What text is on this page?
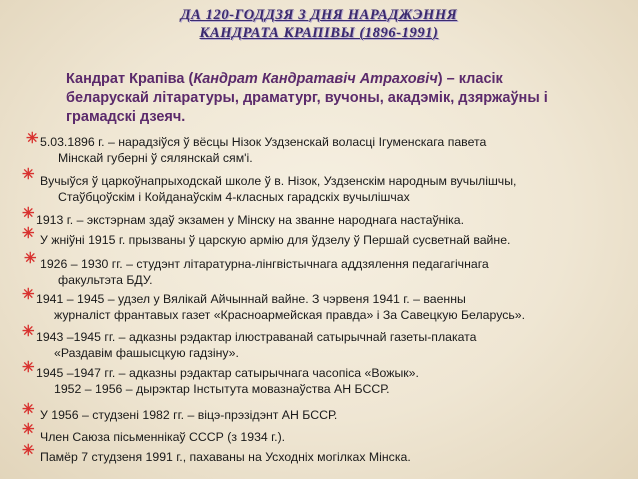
ДА 120-ГОДДЗЯ З ДНЯ НАРАДЖЭННЯ
КАНДРАТА КРАПІВЫ (1896-1991)
Кандрат Крапіва (Кандрат Кандратавіч Атраховіч) – класік беларускай літаратуры, драматург, вучоны, акадэмік, дзяржаўны і грамадскі дзеяч.
✳ 5.03.1896 г. – нарадзіўся ў вёсцы Нізок Уздзенскай воласці Ігуменскага павета
Мінскай губерні ў сялянскай сям'і.
✳ Вучыўся ў царкоўнапрыходскай школе ў в. Нізок, Уздзенскім народным вучылішчы,
Стаўбцоўскім і Койданаўскім 4-класных гарадскіх вучылішчах
✳ 1913 г. – экстэрнам здаў экзамен у Мінску на званне народнага настаўніка.
✳ У жніўні 1915 г. прызваны ў царскую армію для ўдзелу ў Першай сусветнай вайне.
✳ 1926 – 1930 гг. – студэнт літаратурна-лінгвістычнага аддзялення педагагічнага
факультэта БДУ.
✳ 1941 – 1945 – удзел у Вялікай Айчыннай вайне. З чэрвеня 1941 г. – ваенны
журналіст франтавых газет «Красноармейская правда» і За Савецкую Беларусь».
✳ 1943 –1945 гг. – адказны рэдактар ілюстраванай сатырычнай газеты-плаката
«Раздавім фашысцкую гадзіну».
✳ 1945 –1947 гг. – адказны рэдактар сатырычнага часопіса «Вожык».
1952 – 1956 – дырэктар Інстытута мовазнаўства АН БССР.
✳ У 1956 – студзені 1982 гг. – віцэ-прэзідэнт АН БССР.
✳ Член Саюза пісьменнікаў СССР (з 1934 г.).
✳ Памёр 7 студзеня 1991 г., пахаваны на Усходніх могілках Мінска.
